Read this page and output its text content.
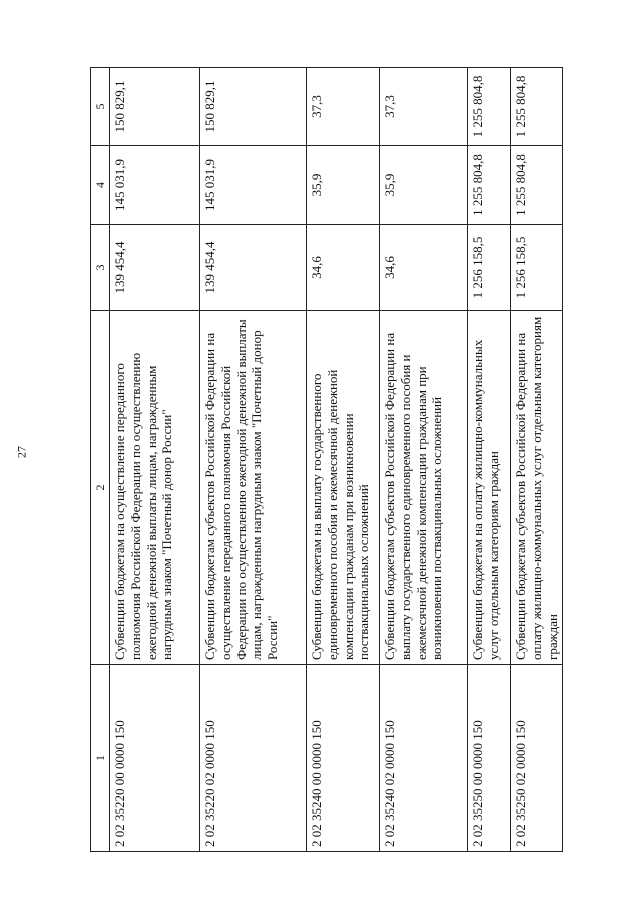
27
1	2	3	4	5
2 02 35220 00 0000 150	Субвенции бюджетам на осуществление переданного полномочия Российской Федерации по осуществлению ежегодной денежной выплаты лицам, награжденным нагрудным знаком "Почетный донор России"	139 454,4	145 031,9	150 829,1
2 02 35220 02 0000 150	Субвенции бюджетам субъектов Российской Федерации на осуществление переданного полномочия Российской Федерации по осуществлению ежегодной денежной выплаты лицам, награжденным нагрудным знаком "Почетный донор России"	139 454,4	145 031,9	150 829,1
2 02 35240 00 0000 150	Субвенции бюджетам на выплату государственного единовременного пособия и ежемесячной денежной компенсации гражданам при возникновении поствакцинальных осложнений	34,6	35,9	37,3
2 02 35240 02 0000 150	Субвенции бюджетам субъектов Российской Федерации на выплату государственного единовременного пособия и ежемесячной денежной компенсации гражданам при возникновении поствакцинальных осложнений	34,6	35,9	37,3
2 02 35250 00 0000 150	Субвенции бюджетам на оплату жилищно-коммунальных услуг отдельным категориям граждан	1 256 158,5	1 255 804,8	1 255 804,8
2 02 35250 02 0000 150	Субвенции бюджетам субъектов Российской Федерации на оплату жилищно-коммунальных услуг отдельным категориям граждан	1 256 158,5	1 255 804,8	1 255 804,8
